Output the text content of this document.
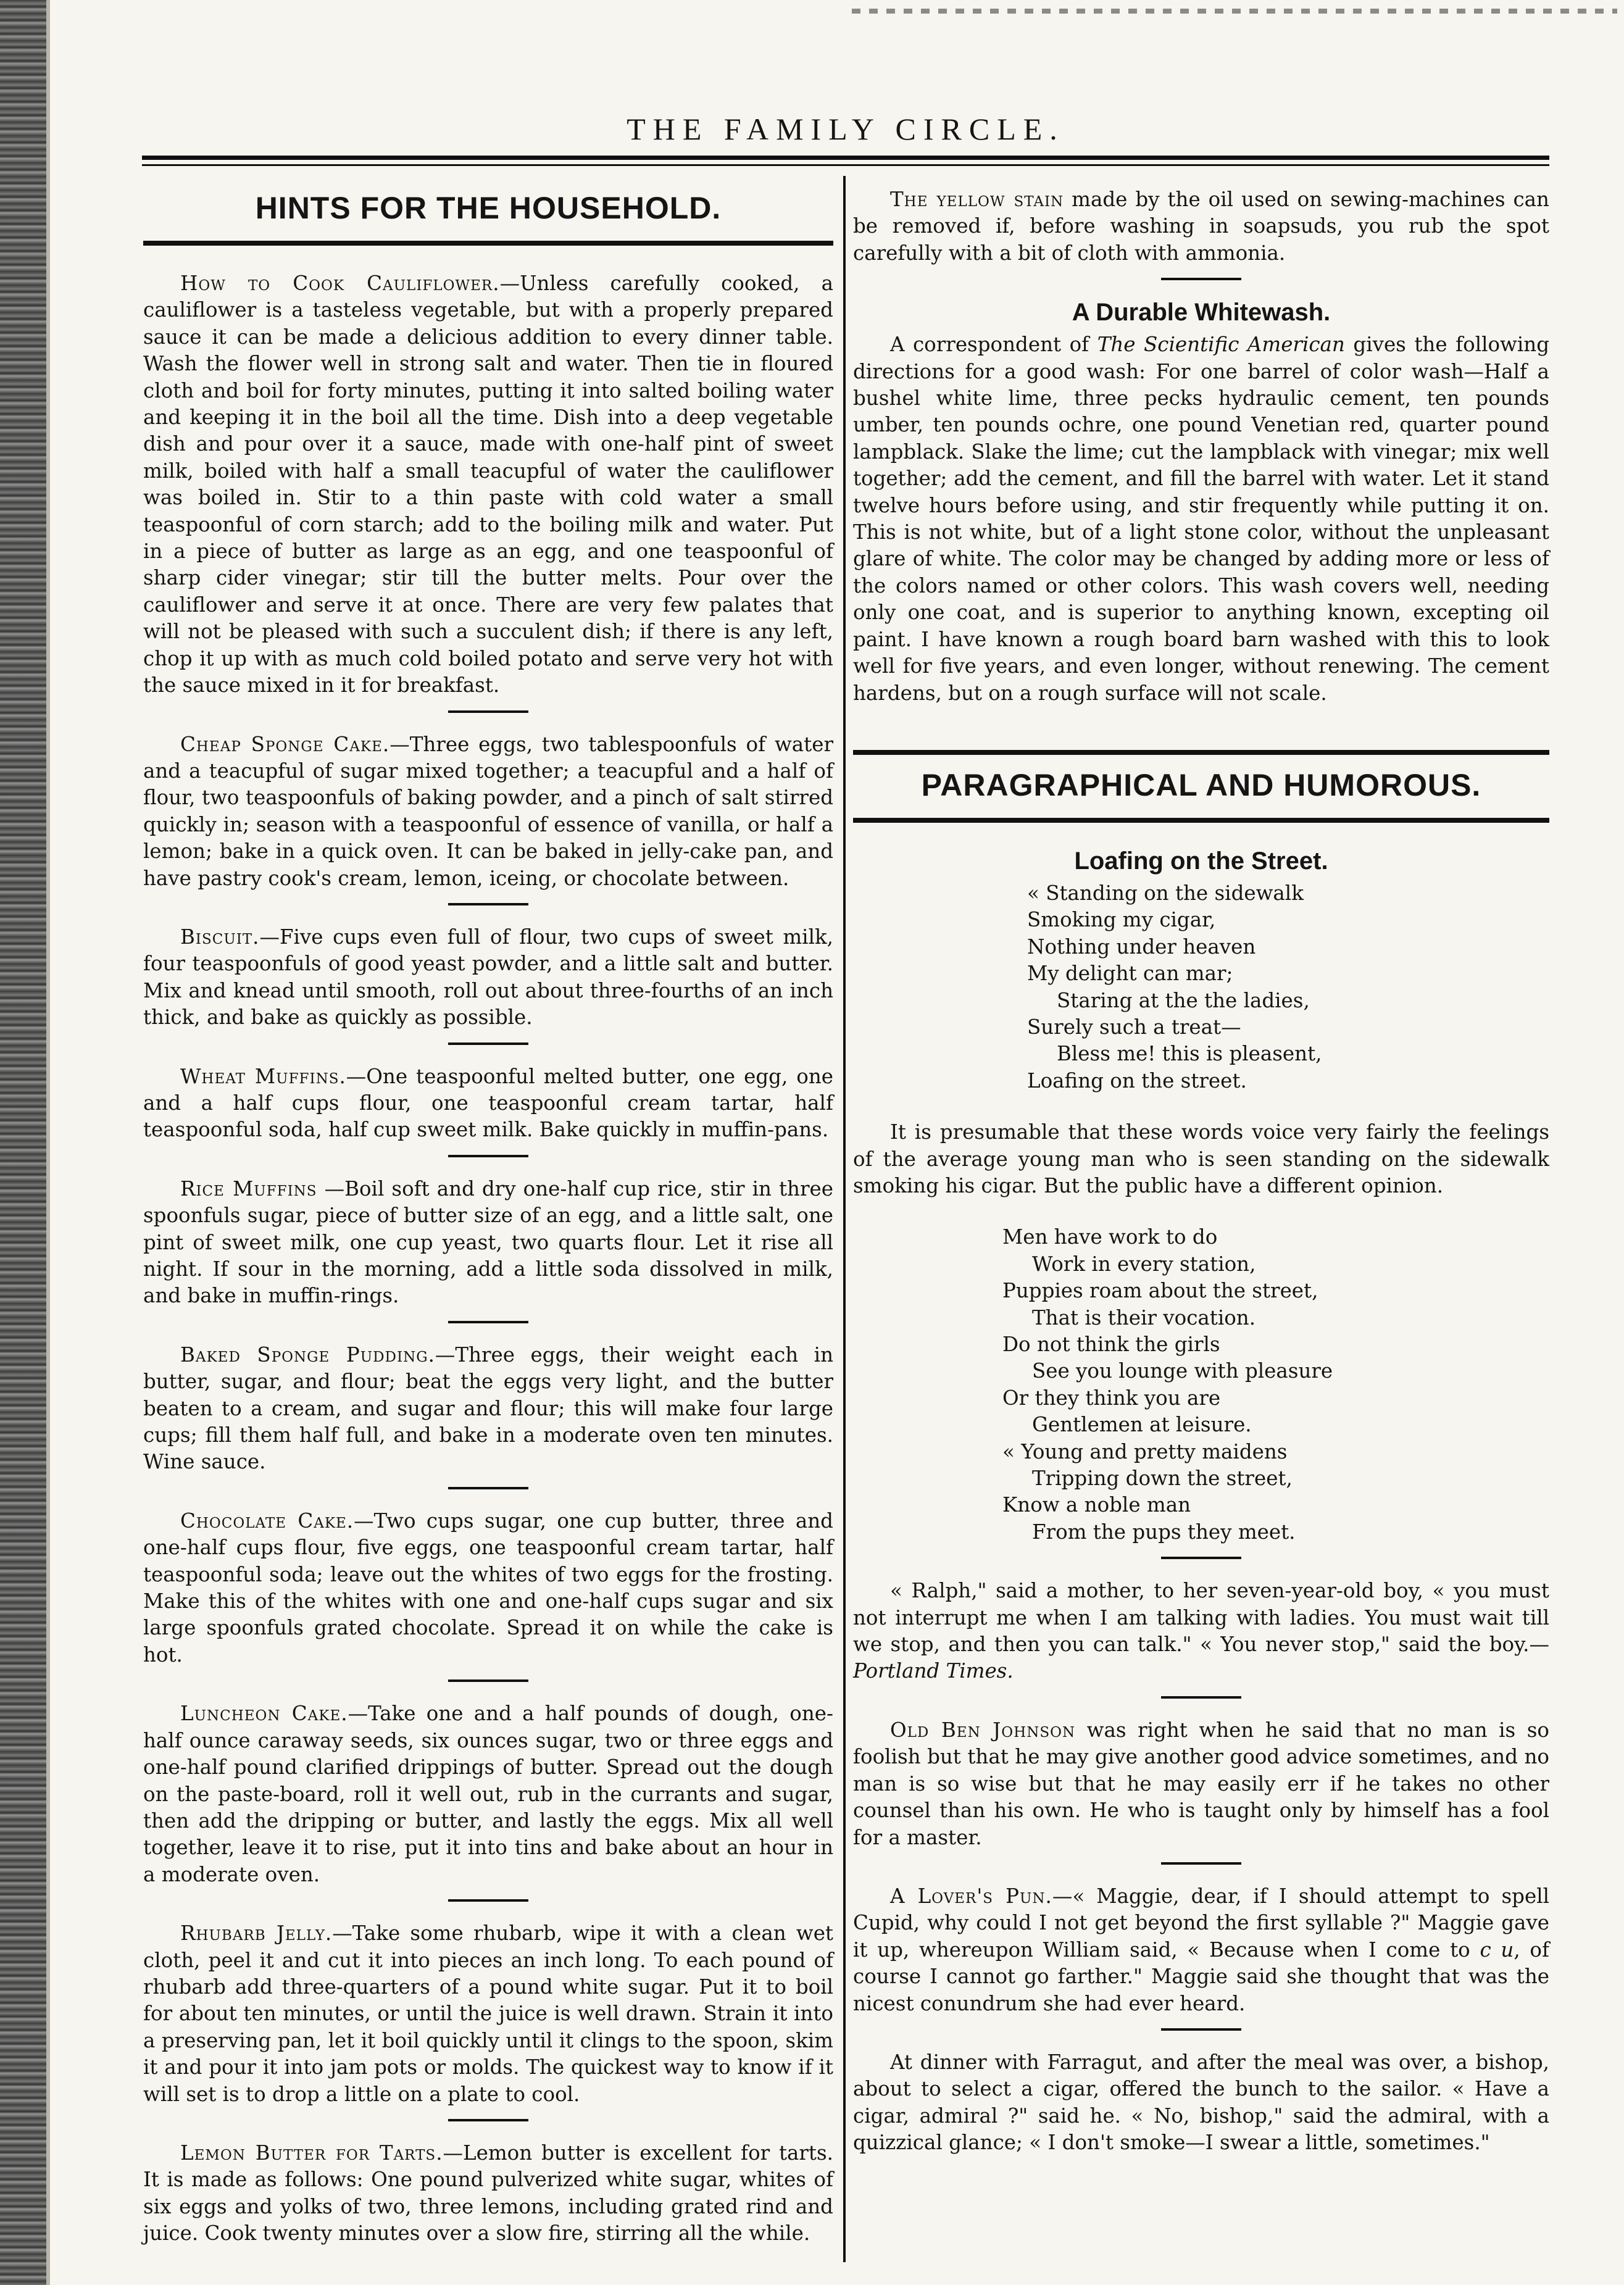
THE FAMILY CIRCLE.
HINTS FOR THE HOUSEHOLD.

How to Cook Cauliflower.—Unless carefully cooked, a cauliflower is a tasteless vegetable, but with a properly prepared sauce it can be made a delicious addition to every dinner table. Wash the flower well in strong salt and water. Then tie in floured cloth and boil for forty minutes, putting it into salted boiling water and keeping it in the boil all the time. Dish into a deep vegetable dish and pour over it a sauce, made with one-half pint of sweet milk, boiled with half a small teacupful of water the cauliflower was boiled in. Stir to a thin paste with cold water a small teaspoonful of corn starch; add to the boiling milk and water. Put in a piece of butter as large as an egg, and one teaspoonful of sharp cider vinegar; stir till the butter melts. Pour over the cauliflower and serve it at once. There are very few palates that will not be pleased with such a succulent dish; if there is any left, chop it up with as much cold boiled potato and serve very hot with the sauce mixed in it for breakfast.

Cheap Sponge Cake.—Three eggs, two tablespoonfuls of water and a teacupful of sugar mixed together; a teacupful and a half of flour, two teaspoonfuls of baking powder, and a pinch of salt stirred quickly in; season with a teaspoonful of essence of vanilla, or half a lemon; bake in a quick oven. It can be baked in jelly-cake pan, and have pastry cook's cream, lemon, iceing, or chocolate between.

Biscuit.—Five cups even full of flour, two cups of sweet milk, four teaspoonfuls of good yeast powder, and a little salt and butter. Mix and knead until smooth, roll out about three-fourths of an inch thick, and bake as quickly as possible.

Wheat Muffins.—One teaspoonful melted butter, one egg, one and a half cups flour, one teaspoonful cream tartar, half teaspoonful soda, half cup sweet milk. Bake quickly in muffin-pans.

Rice Muffins —Boil soft and dry one-half cup rice, stir in three spoonfuls sugar, piece of butter size of an egg, and a little salt, one pint of sweet milk, one cup yeast, two quarts flour. Let it rise all night. If sour in the morning, add a little soda dissolved in milk, and bake in muffin-rings.

Baked Sponge Pudding.—Three eggs, their weight each in butter, sugar, and flour; beat the eggs very light, and the butter beaten to a cream, and sugar and flour; this will make four large cups; fill them half full, and bake in a moderate oven ten minutes. Wine sauce.

Chocolate Cake.—Two cups sugar, one cup butter, three and one-half cups flour, five eggs, one teaspoonful cream tartar, half teaspoonful soda; leave out the whites of two eggs for the frosting. Make this of the whites with one and one-half cups sugar and six large spoonfuls grated chocolate. Spread it on while the cake is hot.

Luncheon Cake.—Take one and a half pounds of dough, one-half ounce caraway seeds, six ounces sugar, two or three eggs and one-half pound clarified drippings of butter. Spread out the dough on the paste-board, roll it well out, rub in the currants and sugar, then add the dripping or butter, and lastly the eggs. Mix all well together, leave it to rise, put it into tins and bake about an hour in a moderate oven.

Rhubarb Jelly.—Take some rhubarb, wipe it with a clean wet cloth, peel it and cut it into pieces an inch long. To each pound of rhubarb add three-quarters of a pound white sugar. Put it to boil for about ten minutes, or until the juice is well drawn. Strain it into a preserving pan, let it boil quickly until it clings to the spoon, skim it and pour it into jam pots or molds. The quickest way to know if it will set is to drop a little on a plate to cool.

Lemon Butter for Tarts.—Lemon butter is excellent for tarts. It is made as follows: One pound pulverized white sugar, whites of six eggs and yolks of two, three lemons, including grated rind and juice. Cook twenty minutes over a slow fire, stirring all the while.

The yellow stain made by the oil used on sewing-machines can be removed if, before washing in soapsuds, you rub the spot carefully with a bit of cloth with ammonia.

A Durable Whitewash.

A correspondent of The Scientific American gives the following directions for a good wash: For one barrel of color wash—Half a bushel white lime, three pecks hydraulic cement, ten pounds umber, ten pounds ochre, one pound Venetian red, quarter pound lampblack. Slake the lime; cut the lampblack with vinegar; mix well together; add the cement, and fill the barrel with water. Let it stand twelve hours before using, and stir frequently while putting it on. This is not white, but of a light stone color, without the unpleasant glare of white. The color may be changed by adding more or less of the colors named or other colors. This wash covers well, needing only one coat, and is superior to anything known, excepting oil paint. I have known a rough board barn washed with this to look well for five years, and even longer, without renewing. The cement hardens, but on a rough surface will not scale.

PARAGRAPHICAL AND HUMOROUS.
Loafing on the Street.
« Standing on the sidewalk
Smoking my cigar,
Nothing under heaven
My delight can mar;
Staring at the the ladies,
Surely such a treat—
Bless me! this is pleasent,
Loafing on the street.

It is presumable that these words voice very fairly the feelings of the average young man who is seen standing on the sidewalk smoking his cigar. But the public have a different opinion.

Men have work to do
Work in every station,
Puppies roam about the street,
That is their vocation.
Do not think the girls
See you lounge with pleasure
Or they think you are
Gentlemen at leisure.
« Young and pretty maidens
Tripping down the street,
Know a noble man
From the pups they meet.

« Ralph," said a mother, to her seven-year-old boy, « you must not interrupt me when I am talking with ladies. You must wait till we stop, and then you can talk." « You never stop," said the boy.—Portland Times.

Old Ben Johnson was right when he said that no man is so foolish but that he may give another good advice sometimes, and no man is so wise but that he may easily err if he takes no other counsel than his own. He who is taught only by himself has a fool for a master.

A Lover's Pun.—« Maggie, dear, if I should attempt to spell Cupid, why could I not get beyond the first syllable ?" Maggie gave it up, whereupon William said, « Because when I come to c u, of course I cannot go farther." Maggie said she thought that was the nicest conundrum she had ever heard.

At dinner with Farragut, and after the meal was over, a bishop, about to select a cigar, offered the bunch to the sailor. « Have a cigar, admiral ?" said he. « No, bishop," said the admiral, with a quizzical glance; « I don't smoke—I swear a little, sometimes."
